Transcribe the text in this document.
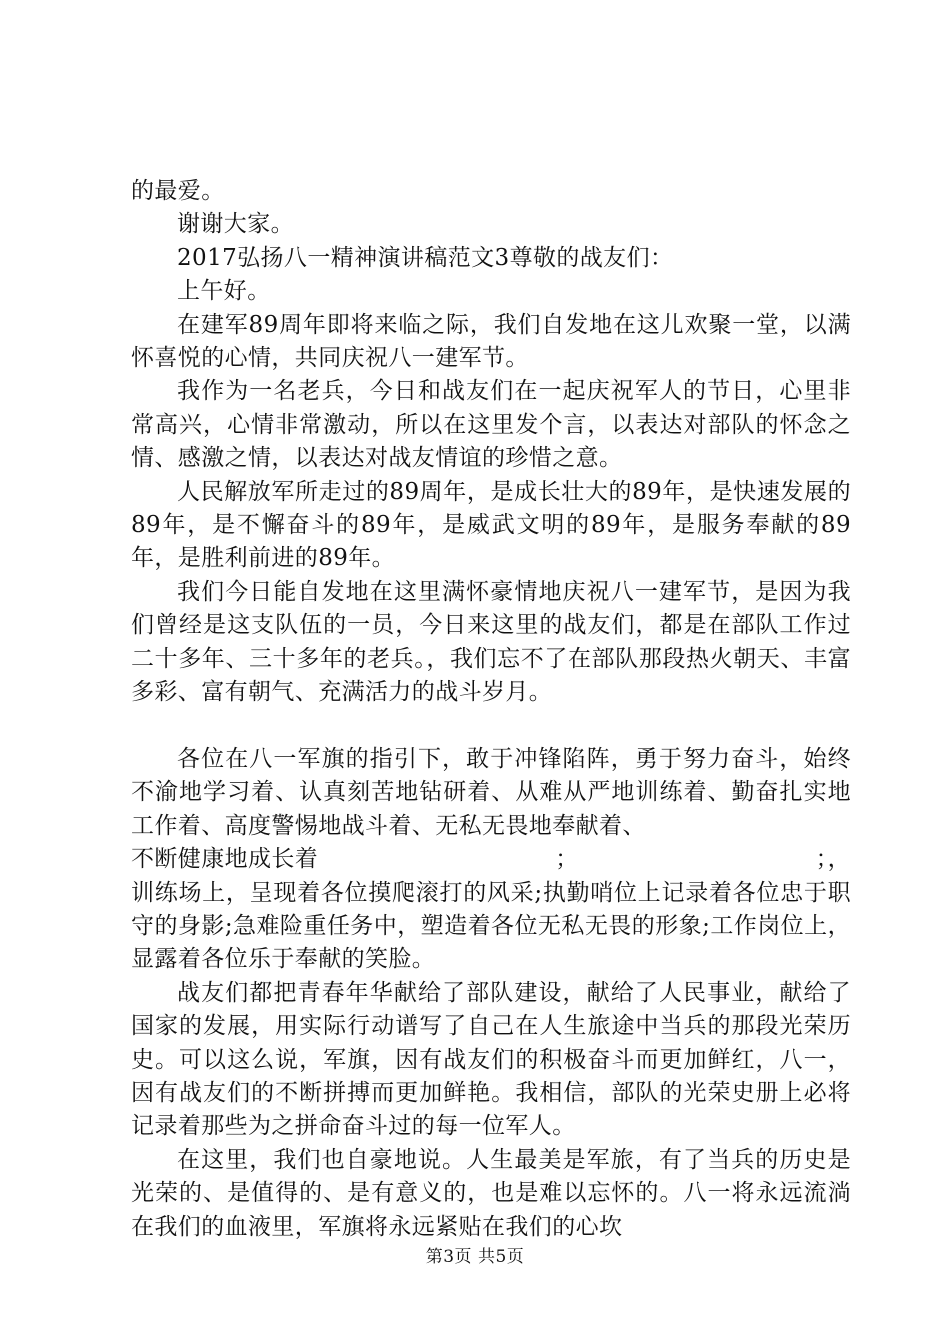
的最爱。

谢谢大家。

2017弘扬八一精神演讲稿范文3尊敬的战友们：

上午好。

在建军89周年即将来临之际，我们自发地在这儿欢聚一堂，以满怀喜悦的心情，共同庆祝八一建军节。

我作为一名老兵，今日和战友们在一起庆祝军人的节日，心里非常高兴，心情非常激动，所以在这里发个言，以表达对部队的怀念之情、感激之情，以表达对战友情谊的珍惜之意。

人民解放军所走过的89周年，是成长壮大的89年，是快速发展的89年，是不懈奋斗的89年，是威武文明的89年，是服务奉献的89年，是胜利前进的89年。

我们今日能自发地在这里满怀豪情地庆祝八一建军节，是因为我们曾经是这支队伍的一员，今日来这里的战友们，都是在部队工作过二十多年、三十多年的老兵。，我们忘不了在部队那段热火朝天、丰富多彩、富有朝气、充满活力的战斗岁月。

各位在八一军旗的指引下，敢于冲锋陷阵，勇于努力奋斗，始终不渝地学习着、认真刻苦地钻研着、从难从严地训练着、勤奋扎实地工作着、高度警惕地战斗着、无私无畏地奉献着、

不断健康地成长着	；	；，

训练场上，呈现着各位摸爬滚打的风采;执勤哨位上记录着各位忠于职守的身影;急难险重任务中，塑造着各位无私无畏的形象;工作岗位上，显露着各位乐于奉献的笑脸。

战友们都把青春年华献给了部队建设，献给了人民事业，献给了国家的发展，用实际行动谱写了自己在人生旅途中当兵的那段光荣历史。可以这么说，军旗，因有战友们的积极奋斗而更加鲜红，八一，因有战友们的不断拼搏而更加鲜艳。我相信，部队的光荣史册上必将记录着那些为之拼命奋斗过的每一位军人。

在这里，我们也自豪地说。人生最美是军旅，有了当兵的历史是光荣的、是值得的、是有意义的，也是难以忘怀的。八一将永远流淌在我们的血液里，军旗将永远紧贴在我们的心坎

第3页 共5页
